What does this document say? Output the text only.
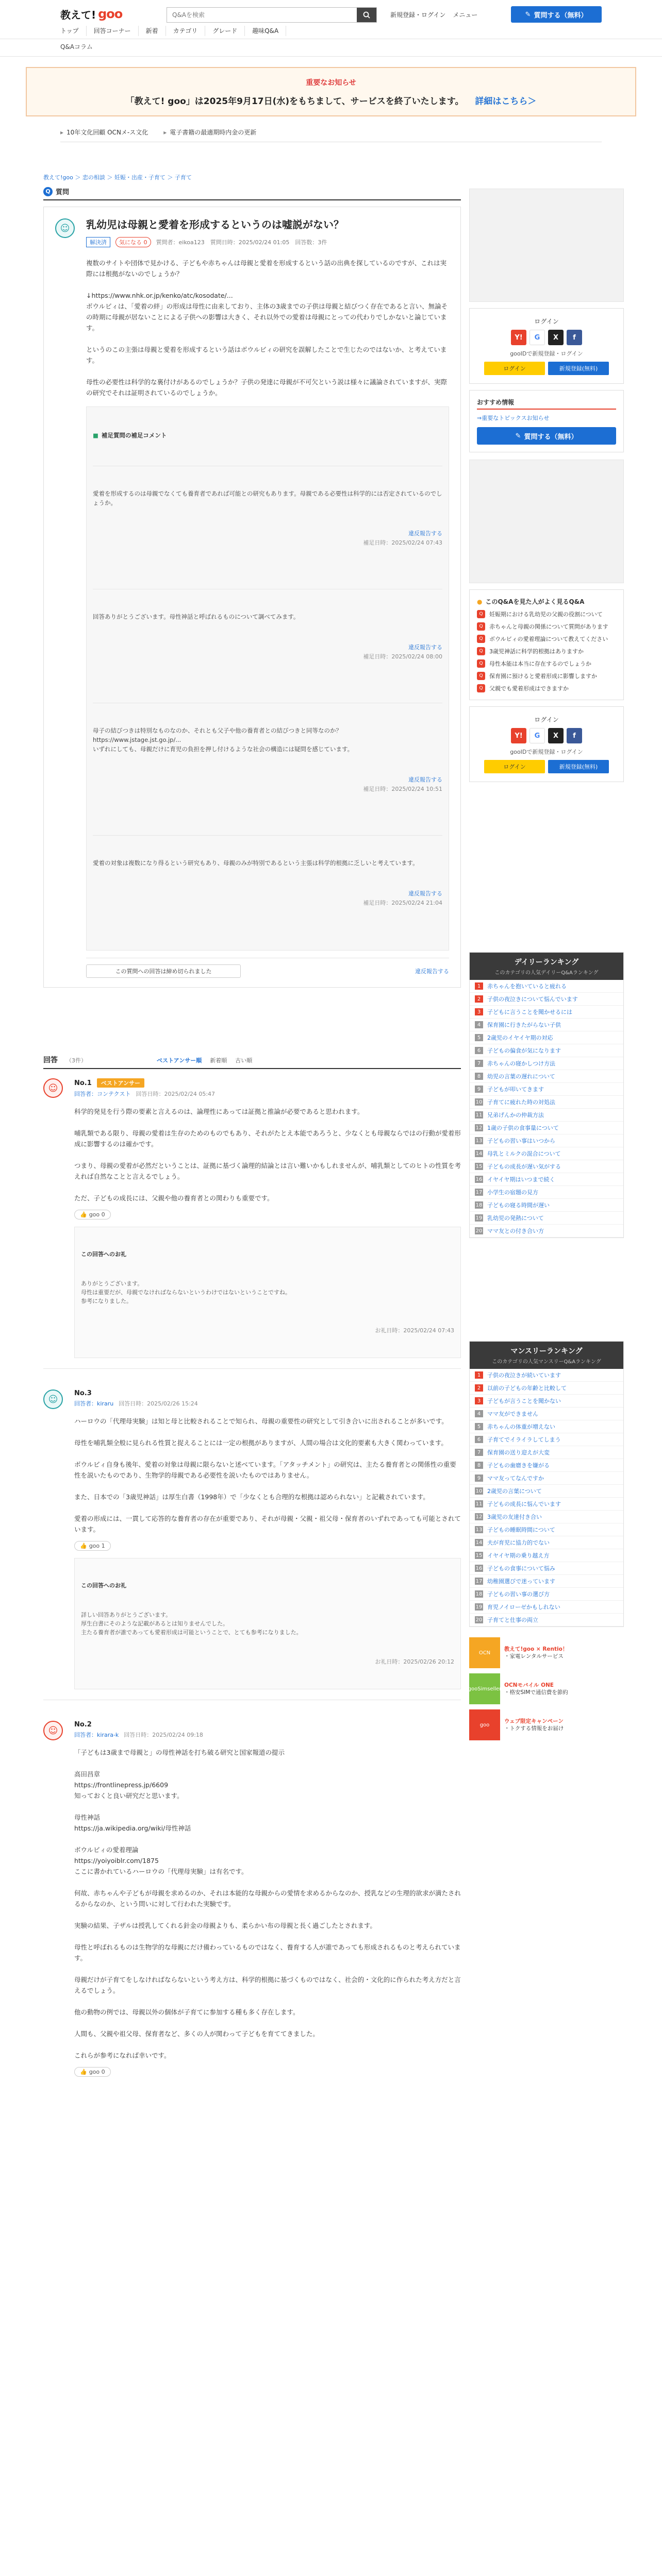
教えて! goo
Q&Aを検索	新規登録・ログイン メニュー	✎ 質問する（無料）
トップ	回答コーナー	新着	カテゴリ	グレード	趣味Q&A
Q&Aコラム
重要なお知らせ
「教えて! goo」は2025年9月17日(水)をもちまして、サービスを終了いたします。 詳細はこちら＞
▸ 10年文化回顧 OCNメ-ス文化
▸	電子書籍の最適期時内金の更新
教えて!goo ＞ 恋の相談 ＞ 妊娠・出産・子育て ＞ 子育て
Q 質問
☺	乳幼児は母親と愛着を形成するというのは嘘説がない？
解決済	気になる 0	質問者：eikoa123　質問日時：2025/02/24 01:05　回答数：3件
複数のサイトや団体で見かける、子どもや赤ちゃんは母親と愛着を形成するという話の出典を探しているのですが、これは実際には根拠がないのでしょうか？

↓https://www.nhk.or.jp/kenko/atc/kosodate/...
ボウルビィは、「愛着の絆」の形成は母性に由来しており、主体の3歳までの子供は母親と結びつく存在であると言い、無論その時期に母親が居ないことによる子供への影響は大きく、それ以外での愛着は母親にとっての代わりでしかないと論じています。

というのこの主張は母親と愛着を形成するという話はボウルビィの研究を誤解したことで生じたのではないか、と考えています。

母性の必要性は科学的な裏付けがあるのでしょうか？子供の発達に母親が不可欠という説は様々に議論されていますが、実際の研究でそれは証明されているのでしょうか。

■ 補足質問の補足コメント

愛着を形成するのは母親でなくても養育者であれば可能との研究もあります。母親である必要性は科学的には否定されているのでしょうか。

違反報告する
補足日時：2025/02/24 07:43

回答ありがとうございます。母性神話と呼ばれるものについて調べてみます。

違反報告する
補足日時：2025/02/24 08:00

母子の結びつきは特別なものなのか、それとも父子や他の養育者との結びつきと同等なのか？
https://www.jstage.jst.go.jp/...
いずれにしても、母親だけに育児の負担を押し付けるような社会の構造には疑問を感じています。

違反報告する
補足日時：2025/02/24 10:51

愛着の対象は複数になり得るという研究もあり、母親のみが特別であるという主張は科学的根拠に乏しいと考えています。

違反報告する
補足日時：2025/02/24 21:04

この質問への回答は締め切られました	違反報告する
回答 （3件）	ベストアンサー順 新着順 古い順
☺	No.1	ベストアンサー
回答者：コンテクスト 回答日時：2025/02/24 05:47
科学的発見を行う際の要素と言えるのは、論理性にあっては証拠と推論が必要であると思われます。

哺乳類である限り、母親の愛着は生存のためのものでもあり、それがたとえ本能であろうと、少なくとも母親ならではの行動が愛着形成に影響するのは確かです。

つまり、母親の愛着が必然だということは、証拠に基づく論理的結論とは言い難いかもしれませんが、哺乳類としてのヒトの性質を考えれば自然なことと言えるでしょう。

ただ、子どもの成長には、父親や他の養育者との関わりも重要です。
👍 goo 0

この回答へのお礼

ありがとうございます。
母性は重要だが、母親でなければならないというわけではないということですね。
参考になりました。

お礼日時：2025/02/24 07:43

☺
No.3
回答者：kiraru 回答日時：2025/02/26 15:24
ハーロウの「代理母実験」は知と母と比較されることで知られ、母親の重要性の研究として引き合いに出されることが多いです。

母性を哺乳類全般に見られる性質と捉えることには一定の根拠がありますが、人間の場合は文化的要素も大きく関わっています。

ボウルビィ自身も後年、愛着の対象は母親に限らないと述べています。「アタッチメント」の研究は、主たる養育者との関係性の重要性を説いたものであり、生物学的母親である必要性を説いたものではありません。

また、日本での「3歳児神話」は厚生白書（1998年）で「少なくとも合理的な根拠は認められない」と記載されています。

愛着の形成には、一貫して応答的な養育者の存在が重要であり、それが母親・父親・祖父母・保育者のいずれであっても可能とされています。
👍 goo 1

この回答へのお礼

詳しい回答ありがとうございます。
厚生白書にそのような記載があるとは知りませんでした。
主たる養育者が誰であっても愛着形成は可能ということで、とても参考になりました。

お礼日時：2025/02/26 20:12

☺
No.2
回答者：kirara-k 回答日時：2025/02/24 09:18
「子どもは3歳まで母親と」の母性神話を打ち破る研究と国家報道の提示

高田昌章
https://frontlinepress.jp/6609
知っておくと良い研究だと思います。

母性神話
https://ja.wikipedia.org/wiki/母性神話

ボウルビィの愛着理論
https://yoiyoiblr.com/1875
ここに書かれているハーロウの「代理母実験」は有名です。

何故、赤ちゃんや子どもが母親を求めるのか、それは本能的な母親からの愛情を求めるからなのか、授乳などの生理的欲求が満たされるからなのか、という問いに対して行われた実験です。

実験の結果、子ザルは授乳してくれる針金の母親よりも、柔らかい布の母親と長く過ごしたとされます。

母性と呼ばれるものは生物学的な母親にだけ備わっているものではなく、養育する人が誰であっても形成されるものと考えられています。

母親だけが子育てをしなければならないという考え方は、科学的根拠に基づくものではなく、社会的・文化的に作られた考え方だと言えるでしょう。

他の動物の例では、母親以外の個体が子育てに参加する種も多く存在します。

人間も、父親や祖父母、保育者など、多くの人が関わって子どもを育ててきました。

これらが参考になれば幸いです。
👍 goo 0
ログイン
Y!	G	X	f
gooIDで新規登録・ログイン
ログイン	新規登録(無料)
おすすめ情報
⇒重要なトピックスお知らせ
✎ 質問する（無料）
● このQ&Aを見た人がよく見るQ&A
Q	妊娠期における乳幼児の父親の役割について
Q	赤ちゃんと母親の関係について質問があります
Q	ボウルビィの愛着理論について教えてください
Q	3歳児神話に科学的根拠はありますか
Q	母性本能は本当に存在するのでしょうか
Q	保育園に預けると愛着形成に影響しますか
Q	父親でも愛着形成はできますか
ログイン
Y!	G	X	f
gooIDで新規登録・ログイン
ログイン	新規登録(無料)
デイリーランキング
このカテゴリの人気デイリーQ&Aランキング
1	赤ちゃんを抱いていると疲れる
2	子供の夜泣きについて悩んでいます
3	子どもに言うことを聞かせるには
4	保育園に行きたがらない子供
5	2歳児のイヤイヤ期の対応
6	子どもの偏食が気になります
7	赤ちゃんの寝かしつけ方法
8	幼児の言葉の遅れについて
9	子どもが叩いてきます
10 子育てに疲れた時の対処法
11 兄弟げんかの仲裁方法
12 1歳の子供の食事量について
13 子どもの習い事はいつから
14 母乳とミルクの混合について
15 子どもの成長が遅い気がする
16 イヤイヤ期はいつまで続く
17 小学生の宿題の見方
18 子どもの寝る時間が遅い
19 乳幼児の発熱について
20 ママ友との付き合い方
マンスリーランキング
このカテゴリの人気マンスリーQ&Aランキング
1	子供の夜泣きが続いています
2	以前の子どもの年齢と比較して
3	子どもが言うことを聞かない
4	ママ友ができません
5	赤ちゃんの体重が増えない
6	子育てでイライラしてしまう
7	保育園の送り迎えが大変
8	子どもの歯磨きを嫌がる
9	ママ友ってなんですか
10 2歳児の言葉について
11 子どもの成長に悩んでいます
12 3歳児の友達付き合い
13 子どもの睡眠時間について
14 夫が育児に協力的でない
15 イヤイヤ期の乗り越え方
16 子どもの食事について悩み
17 幼稚園選びで迷っています
18 子どもの習い事の選び方
19 育児ノイローゼかもしれない
20 子育てと仕事の両立
OCN
教えて!goo × Rentio！
・家電レンタルサービス
gooSimseller
OCNモバイル ONE
・格安SIMで通信費を節約
goo
ウェブ限定キャンペーン
・トクする情報をお届け
